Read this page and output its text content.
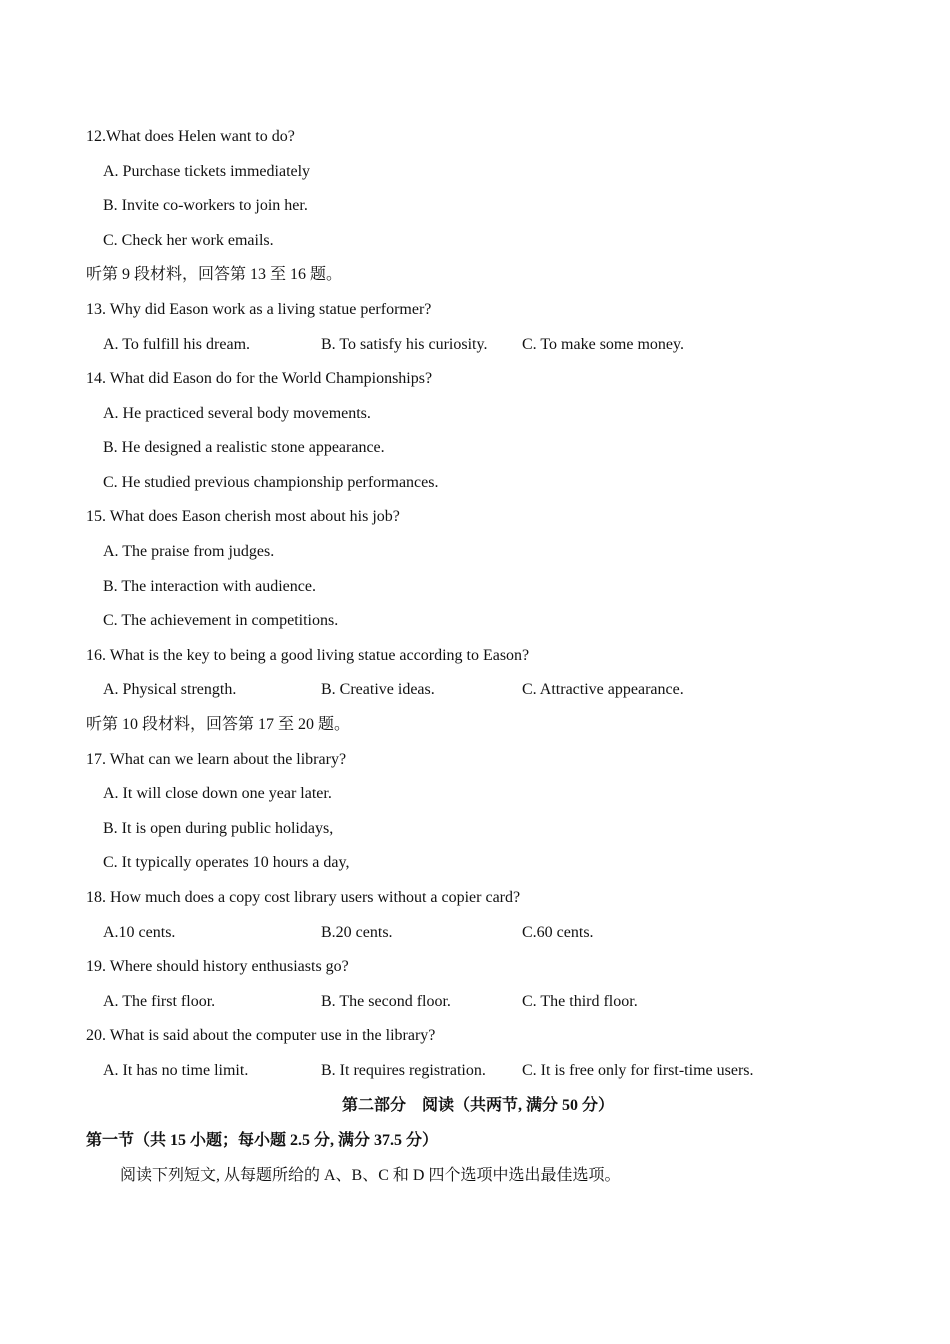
12.What does Helen want to do?
A. Purchase tickets immediately
B. Invite co-workers to join her.
C. Check her work emails.
听第 9 段材料，回答第 13 至 16 题。
13. Why did Eason work as a living statue performer?
A. To fulfill his dream.	B. To satisfy his curiosity. C. To make some money.
14. What did Eason do for the World Championships?
A. He practiced several body movements.
B. He designed a realistic stone appearance.
C. He studied previous championship performances.
15. What does Eason cherish most about his job?
A. The praise from judges.
B. The interaction with audience.
C. The achievement in competitions.
16. What is the key to being a good living statue according to Eason?
A. Physical strength.	B. Creative ideas.	C. Attractive appearance.
听第 10 段材料，回答第 17 至 20 题。
17. What can we learn about the library?
A. It will close down one year later.
B. It is open during public holidays,
C. It typically operates 10 hours a day,
18. How much does a copy cost library users without a copier card?
A.10 cents.	B.20 cents.	C.60 cents.
19. Where should history enthusiasts go?
A. The first floor.	B. The second floor.	C. The third floor.
20. What is said about the computer use in the library?
A. It has no time limit.	B. It requires registration. C. It is free only for first-time users.
第二部分　阅读（共两节, 满分 50 分）
第一节（共 15 小题；每小题 2.5 分, 满分 37.5 分）
阅读下列短文, 从每题所给的 A、B、C 和 D 四个选项中选出最佳选项。
